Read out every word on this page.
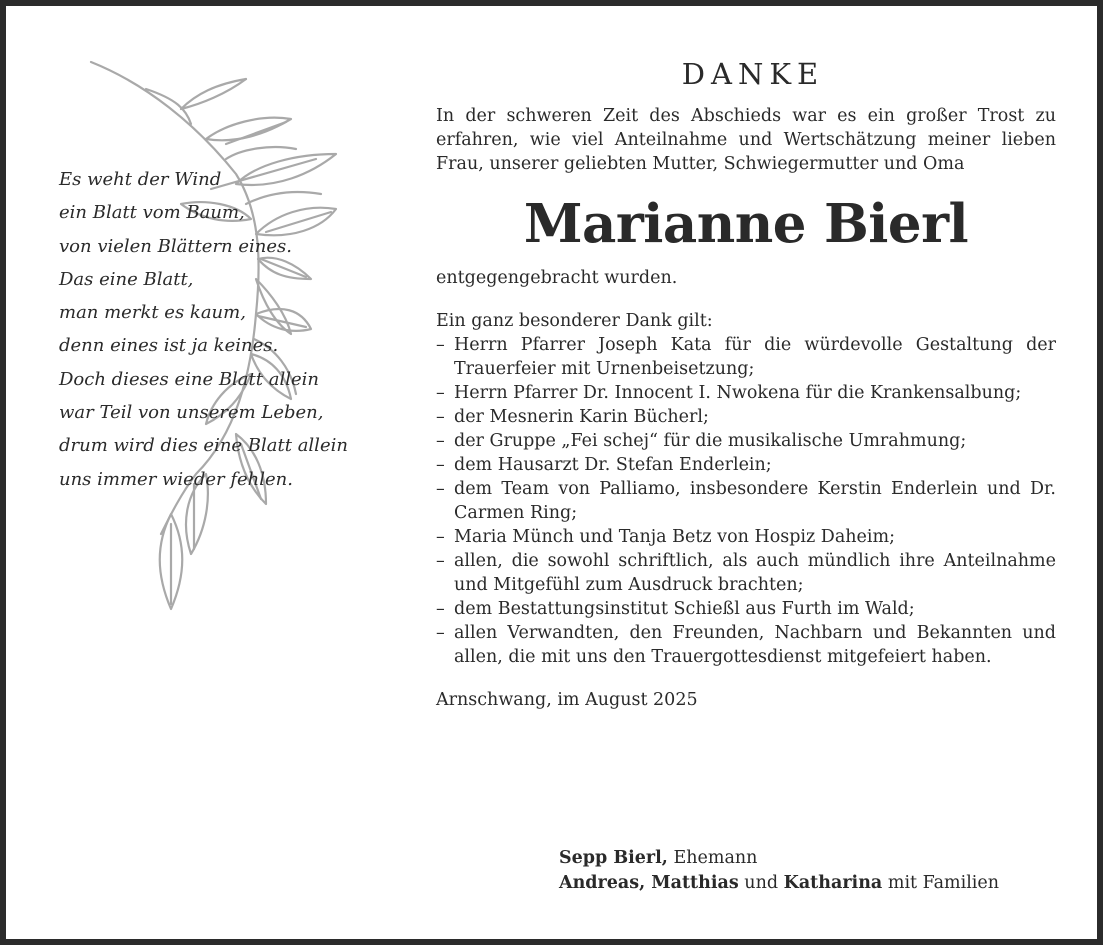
Es weht der Wind
ein Blatt vom Baum,
von vielen Blättern eines.
Das eine Blatt,
man merkt es kaum,
denn eines ist ja keines.
Doch dieses eine Blatt allein
war Teil von unserem Leben,
drum wird dies eine Blatt allein
uns immer wieder fehlen.
DANKE
In der schweren Zeit des Abschieds war es ein großer Trost zu erfahren, wie viel Anteilnahme und Wertschätzung meiner lieben Frau, unserer geliebten Mutter, Schwiegermutter und Oma
Marianne Bierl
entgegengebracht wurden.
Ein ganz besonderer Dank gilt:
– Herrn Pfarrer Joseph Kata für die würdevolle Gestaltung der Trauerfeier mit Urnenbeisetzung;
– Herrn Pfarrer Dr. Innocent I. Nwokena für die Krankensalbung;
– der Mesnerin Karin Bücherl;
– der Gruppe „Fei schej“ für die musikalische Umrahmung;
– dem Hausarzt Dr. Stefan Enderlein;
– dem Team von Palliamo, insbesondere Kerstin Enderlein und Dr. Carmen Ring;
– Maria Münch und Tanja Betz von Hospiz Daheim;
– allen, die sowohl schriftlich, als auch mündlich ihre Anteilnahme und Mitgefühl zum Ausdruck brachten;
– dem Bestattungsinstitut Schießl aus Furth im Wald;
– allen Verwandten, den Freunden, Nachbarn und Bekannten und allen, die mit uns den Trauergottesdienst mitgefeiert haben.
Arnschwang, im August 2025
Sepp Bierl, Ehemann
Andreas, Matthias und Katharina mit Familien
